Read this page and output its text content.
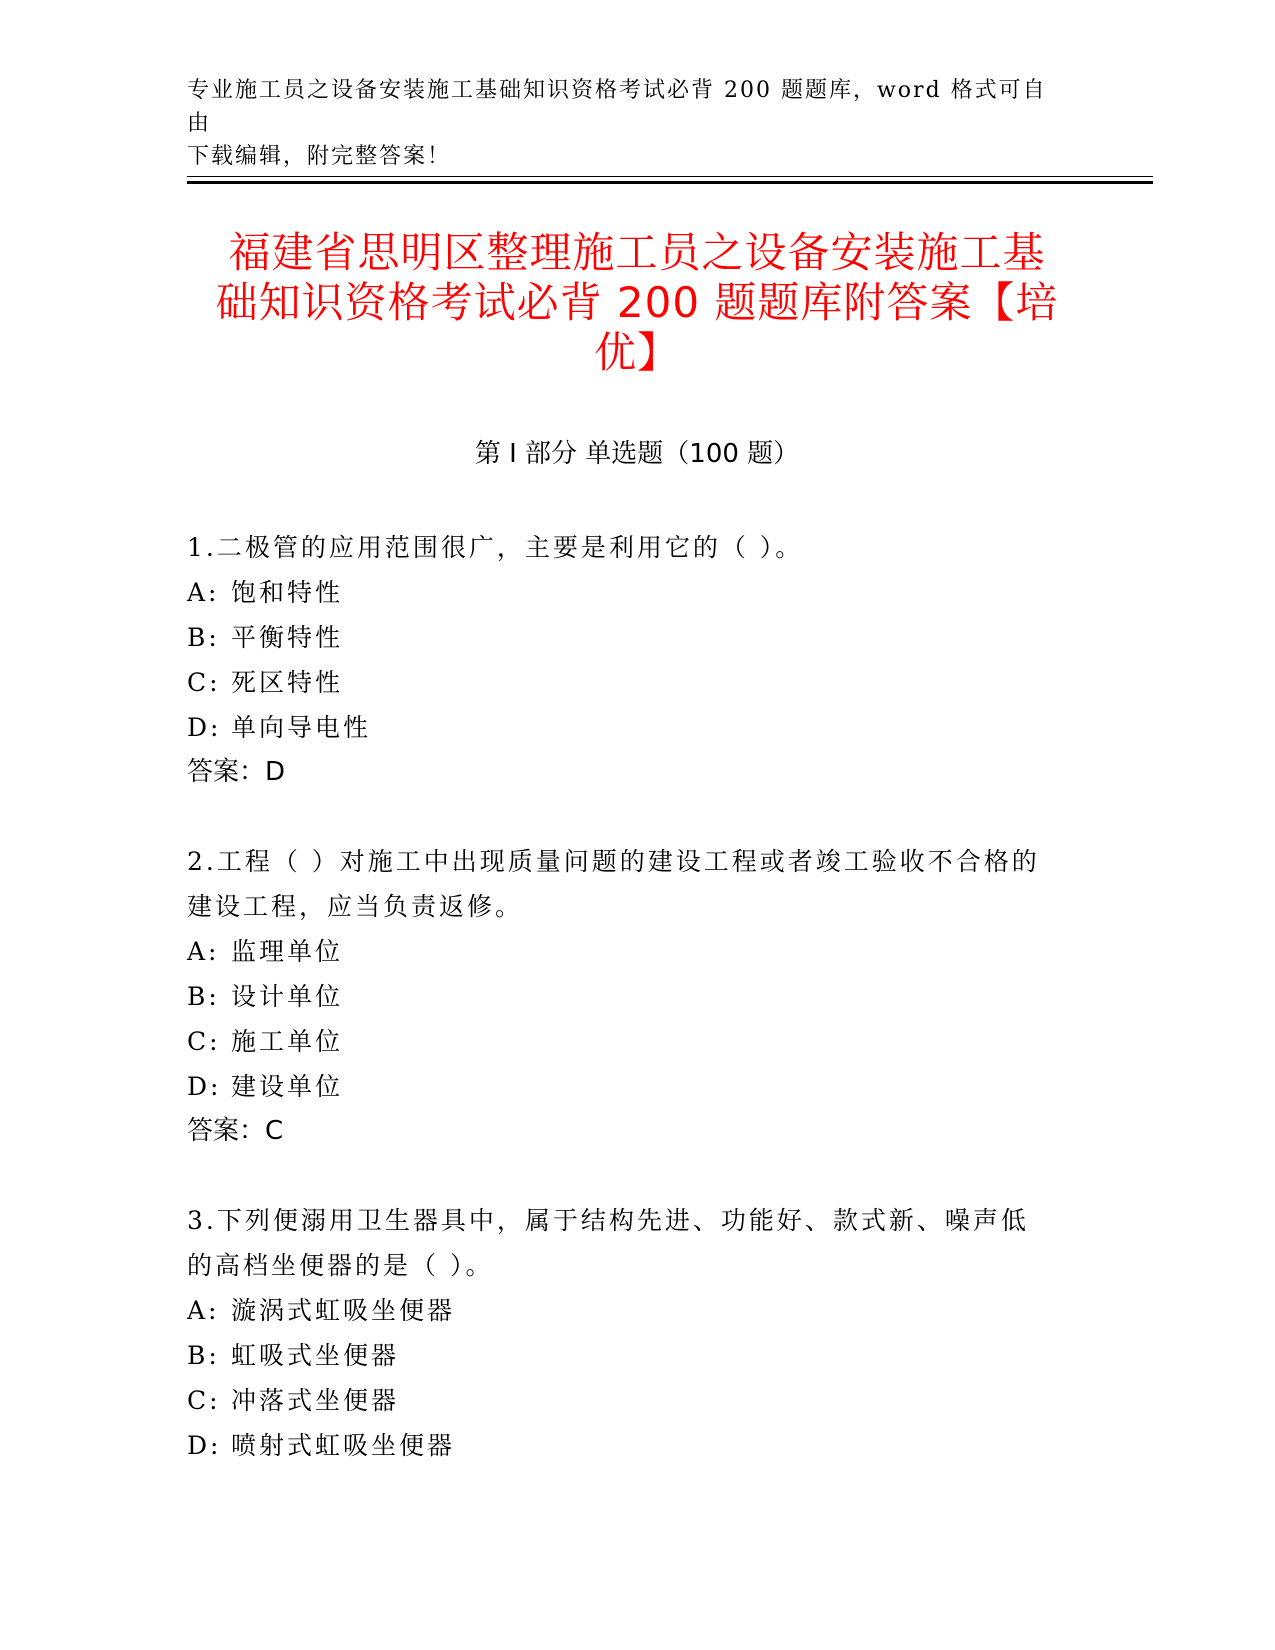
专业施工员之设备安装施工基础知识资格考试必背 200 题题库，word 格式可自由
下载编辑，附完整答案！
福建省思明区整理施工员之设备安装施工基
础知识资格考试必背 200 题题库附答案【培
优】
第 I 部分 单选题（100 题）
1.二极管的应用范围很广，主要是利用它的（ ）。
A: 饱和特性
B: 平衡特性
C: 死区特性
D: 单向导电性
答案：D
2.工程（ ）对施工中出现质量问题的建设工程或者竣工验收不合格的
建设工程，应当负责返修。
A: 监理单位
B: 设计单位
C: 施工单位
D: 建设单位
答案：C
3.下列便溺用卫生器具中，属于结构先进、功能好、款式新、噪声低
的高档坐便器的是（ ）。
A: 漩涡式虹吸坐便器
B: 虹吸式坐便器
C: 冲落式坐便器
D: 喷射式虹吸坐便器
